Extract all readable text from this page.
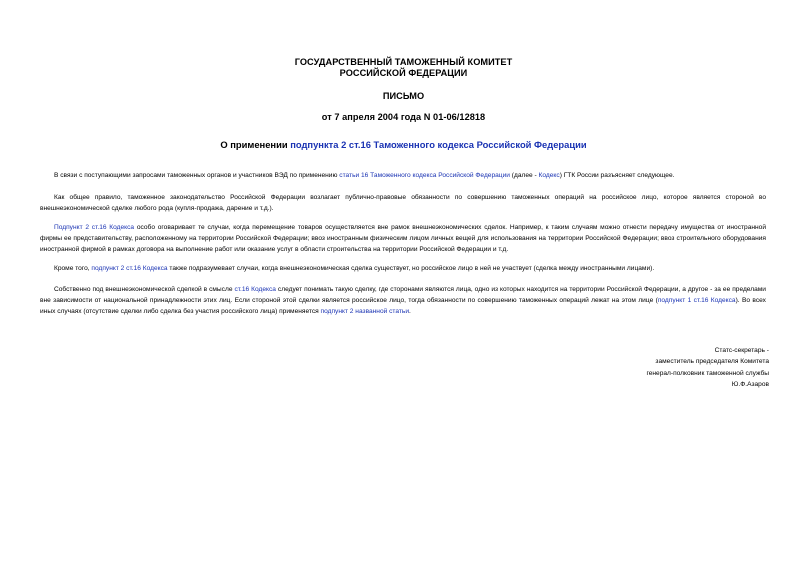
ГОСУДАРСТВЕННЫЙ ТАМОЖЕННЫЙ КОМИТЕТ
РОССИЙСКОЙ ФЕДЕРАЦИИ
ПИСЬМО
от 7 апреля 2004 года N 01-06/12818
О применении подпункта 2 ст.16 Таможенного кодекса Российской Федерации
В связи с поступающими запросами таможенных органов и участников ВЭД по применению статьи 16 Таможенного кодекса Российской Федерации (далее - Кодекс) ГТК России разъясняет следующее.
Как общее правило, таможенное законодательство Российской Федерации возлагает публично-правовые обязанности по совершению таможенных операций на российское лицо, которое является стороной во внешнеэкономической сделке любого рода (купля-продажа, дарение и т.д.).
Подпункт 2 ст.16 Кодекса особо оговаривает те случаи, когда перемещение товаров осуществляется вне рамок внешнеэкономических сделок. Например, к таким случаям можно отнести передачу имущества от иностранной фирмы ее представительству, расположенному на территории Российской Федерации; ввоз иностранным физическим лицом личных вещей для использования на территории Российской Федерации; ввоз строительного оборудования иностранной фирмой в рамках договора на выполнение работ или оказание услуг в области строительства на территории Российской Федерации и т.д.
Кроме того, подпункт 2 ст.16 Кодекса также подразумевает случаи, когда внешнеэкономическая сделка существует, но российское лицо в ней не участвует (сделка между иностранными лицами).
Собственно под внешнеэкономической сделкой в смысле ст.16 Кодекса следует понимать такую сделку, где сторонами являются лица, одно из которых находится на территории Российской Федерации, а другое - за ее пределами вне зависимости от национальной принадлежности этих лиц. Если стороной этой сделки является российское лицо, тогда обязанности по совершению таможенных операций лежат на этом лице (подпункт 1 ст.16 Кодекса). Во всех иных случаях (отсутствие сделки либо сделка без участия российского лица) применяется подпункт 2 названной статьи.
Статс-секретарь -
заместитель председателя Комитета
генерал-полковник таможенной службы
Ю.Ф.Азаров
